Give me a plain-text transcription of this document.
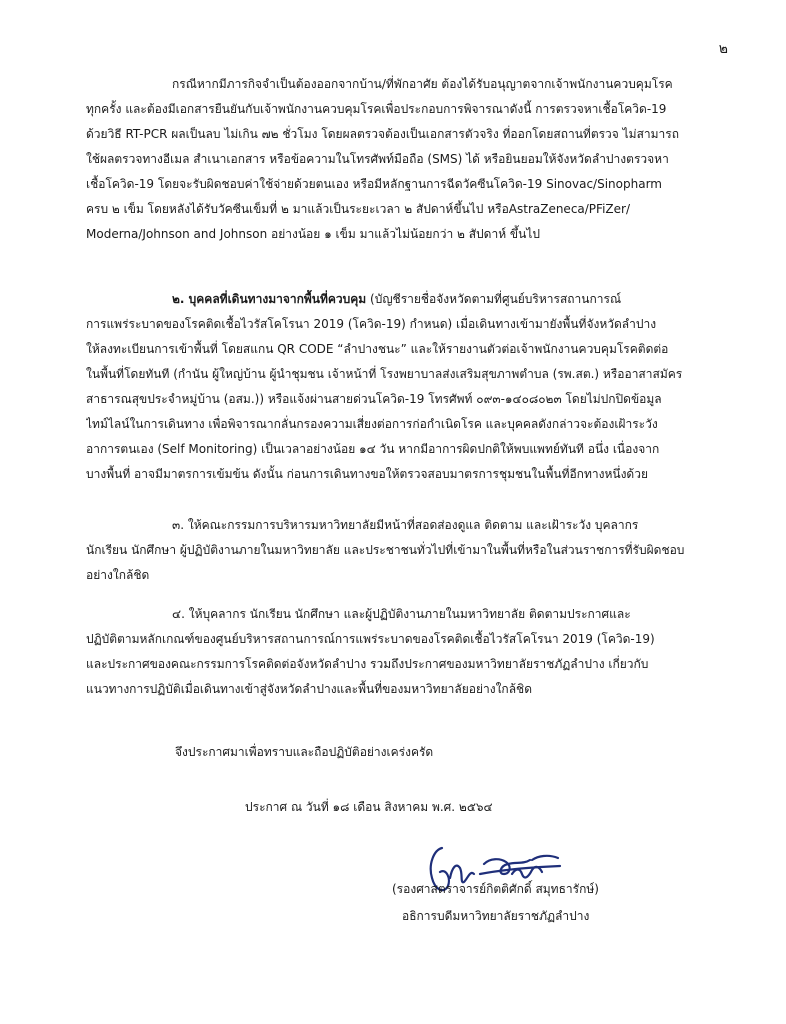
๒

กรณีหากมีภารกิจจำเป็นต้องออกจากบ้าน/ที่พักอาศัย ต้องได้รับอนุญาตจากเจ้าพนักงานควบคุมโรค
ทุกครั้ง และต้องมีเอกสารยืนยันกับเจ้าพนักงานควบคุมโรคเพื่อประกอบการพิจารณาดังนี้ การตรวจหาเชื้อโควิด-19
ด้วยวิธี RT-PCR ผลเป็นลบ ไม่เกิน ๗๒ ชั่วโมง โดยผลตรวจต้องเป็นเอกสารตัวจริง ที่ออกโดยสถานที่ตรวจ ไม่สามารถ
ใช้ผลตรวจทางอีเมล สำเนาเอกสาร หรือข้อความในโทรศัพท์มือถือ (SMS) ได้ หรือยินยอมให้จังหวัดลำปางตรวจหา
เชื้อโควิด-19 โดยจะรับผิดชอบค่าใช้จ่ายด้วยตนเอง หรือมีหลักฐานการฉีดวัคซีนโควิด-19 Sinovac/Sinopharm
ครบ ๒ เข็ม โดยหลังได้รับวัคซีนเข็มที่ ๒ มาแล้วเป็นระยะเวลา ๒ สัปดาห์ขึ้นไป หรือAstraZeneca/PFiZer/
Moderna/Johnson and Johnson อย่างน้อย ๑ เข็ม มาแล้วไม่น้อยกว่า ๒ สัปดาห์ ขึ้นไป

๒. บุคคลที่เดินทางมาจากพื้นที่ควบคุม (บัญชีรายชื่อจังหวัดตามที่ศูนย์บริหารสถานการณ์
การแพร่ระบาดของโรคติดเชื้อไวรัสโคโรนา 2019 (โควิด-19) กำหนด) เมื่อเดินทางเข้ามายังพื้นที่จังหวัดลำปาง
ให้ลงทะเบียนการเข้าพื้นที่ โดยสแกน QR CODE “ลำปางชนะ” และให้รายงานตัวต่อเจ้าพนักงานควบคุมโรคติดต่อ
ในพื้นที่โดยทันที (กำนัน ผู้ใหญ่บ้าน ผู้นำชุมชน เจ้าหน้าที่ โรงพยาบาลส่งเสริมสุขภาพตำบล (รพ.สต.) หรืออาสาสมัคร
สาธารณสุขประจำหมู่บ้าน (อสม.)) หรือแจ้งผ่านสายด่วนโควิด-19 โทรศัพท์ ๐๙๓-๑๔๐๘๐๒๓ โดยไม่ปกปิดข้อมูล
ไทม์ไลน์ในการเดินทาง เพื่อพิจารณากลั่นกรองความเสี่ยงต่อการก่อกำเนิดโรค และบุคคลดังกล่าวจะต้องเฝ้าระวัง
อาการตนเอง (Self Monitoring) เป็นเวลาอย่างน้อย ๑๔ วัน หากมีอาการผิดปกติให้พบแพทย์ทันที อนึ่ง เนื่องจาก
บางพื้นที่ อาจมีมาตรการเข้มข้น ดังนั้น ก่อนการเดินทางขอให้ตรวจสอบมาตรการชุมชนในพื้นที่อีกทางหนึ่งด้วย

๓. ให้คณะกรรมการบริหารมหาวิทยาลัยมีหน้าที่สอดส่องดูแล ติดตาม และเฝ้าระวัง บุคลากร
นักเรียน นักศึกษา ผู้ปฏิบัติงานภายในมหาวิทยาลัย และประชาชนทั่วไปที่เข้ามาในพื้นที่หรือในส่วนราชการที่รับผิดชอบ
อย่างใกล้ชิด

๔. ให้บุคลากร นักเรียน นักศึกษา และผู้ปฏิบัติงานภายในมหาวิทยาลัย ติดตามประกาศและ
ปฏิบัติตามหลักเกณฑ์ของศูนย์บริหารสถานการณ์การแพร่ระบาดของโรคติดเชื้อไวรัสโคโรนา 2019 (โควิด-19)
และประกาศของคณะกรรมการโรคติดต่อจังหวัดลำปาง รวมถึงประกาศของมหาวิทยาลัยราชภัฏลำปาง เกี่ยวกับ
แนวทางการปฏิบัติเมื่อเดินทางเข้าสู่จังหวัดลำปางและพื้นที่ของมหาวิทยาลัยอย่างใกล้ชิด

จึงประกาศมาเพื่อทราบและถือปฏิบัติอย่างเคร่งครัด
ประกาศ ณ วันที่ ๑๘ เดือน สิงหาคม พ.ศ. ๒๕๖๔
(รองศาสตราจารย์กิตติศักดิ์ สมุทธารักษ์)
อธิการบดีมหาวิทยาลัยราชภัฏลำปาง
